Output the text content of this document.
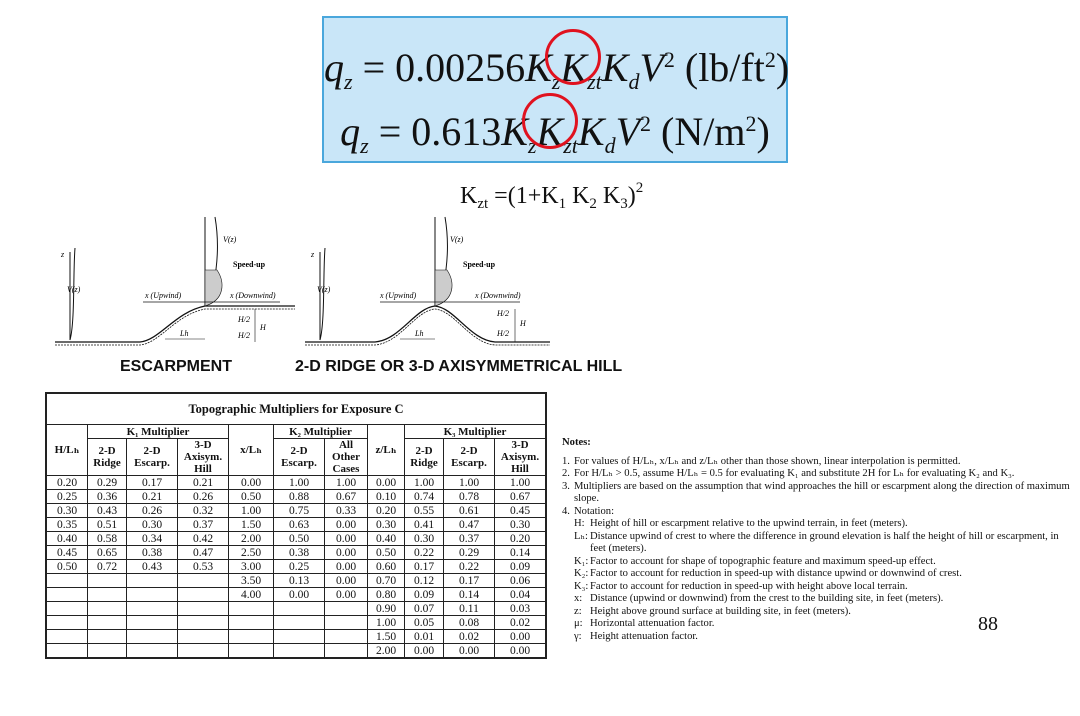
$q_z = 0.00256K_zK_{zt}K_dV^2$ $(lb/ft^2)$
$q_z = 0.613K_zK_{zt}K_dV^2$ $(N/m^2)$
$K_{zt} =(1+K_1$ $K_2$ $K_3)^2$
z
V(z)
V(z)
Speed-up
x (Upwind)	x (Downwind)
Lh
H/2
H/2
H
ESCARPMENT
z
V(z)
V(z)
Speed-up
x (Upwind)	x (Downwind)
Lh
H/2
H/2
H
2-D RIDGE OR 3-D AXISYMMETRICAL HILL
Topographic Multipliers for Exposure C										
H/Lₕ	K₁ Multiplier			x/Lₕ	K₂ Multiplier		z/Lₕ	K₃ Multiplier		
	2-D Ridge	2-D Escarp.	3-D Axisym. Hill		2-D Escarp.	All Other Cases		2-D Ridge	2-D Escarp.	3-D Axisym. Hill
0.20	0.29	0.17	0.21	0.00	1.00	1.00	0.00	1.00	1.00	1.00
0.25	0.36	0.21	0.26	0.50	0.88	0.67	0.10	0.74	0.78	0.67
0.30	0.43	0.26	0.32	1.00	0.75	0.33	0.20	0.55	0.61	0.45
0.35	0.51	0.30	0.37	1.50	0.63	0.00	0.30	0.41	0.47	0.30
0.40	0.58	0.34	0.42	2.00	0.50	0.00	0.40	0.30	0.37	0.20
0.45	0.65	0.38	0.47	2.50	0.38	0.00	0.50	0.22	0.29	0.14
0.50	0.72	0.43	0.53	3.00	0.25	0.00	0.60	0.17	0.22	0.09
				3.50	0.13	0.00	0.70	0.12	0.17	0.06
				4.00	0.00	0.00	0.80	0.09	0.14	0.04
							0.90	0.07	0.11	0.03
							1.00	0.05	0.08	0.02
							1.50	0.01	0.02	0.00
							2.00	0.00	0.00	0.00
Notes:
1. For values of H/Lₕ, x/Lₕ and z/Lₕ other than those shown, linear interpolation is permitted.
2. For H/Lₕ > 0.5, assume H/Lₕ = 0.5 for evaluating K₁ and substitute 2H for Lₕ for evaluating K₂ and K₃.
3. Multipliers are based on the assumption that wind approaches the hill or escarpment along the direction of maximum slope.
4. Notation:
H: Height of hill or escarpment relative to the upwind terrain, in feet (meters).
Lₕ: Distance upwind of crest to where the difference in ground elevation is half the height of hill or escarpment, in feet (meters).
K₁: Factor to account for shape of topographic feature and maximum speed-up effect.
K₂: Factor to account for reduction in speed-up with distance upwind or downwind of crest.
K₃: Factor to account for reduction in speed-up with height above local terrain.
x: Distance (upwind or downwind) from the crest to the building site, in feet (meters).
z: Height above ground surface at building site, in feet (meters).
μ: Horizontal attenuation factor.
γ: Height attenuation factor.
88
